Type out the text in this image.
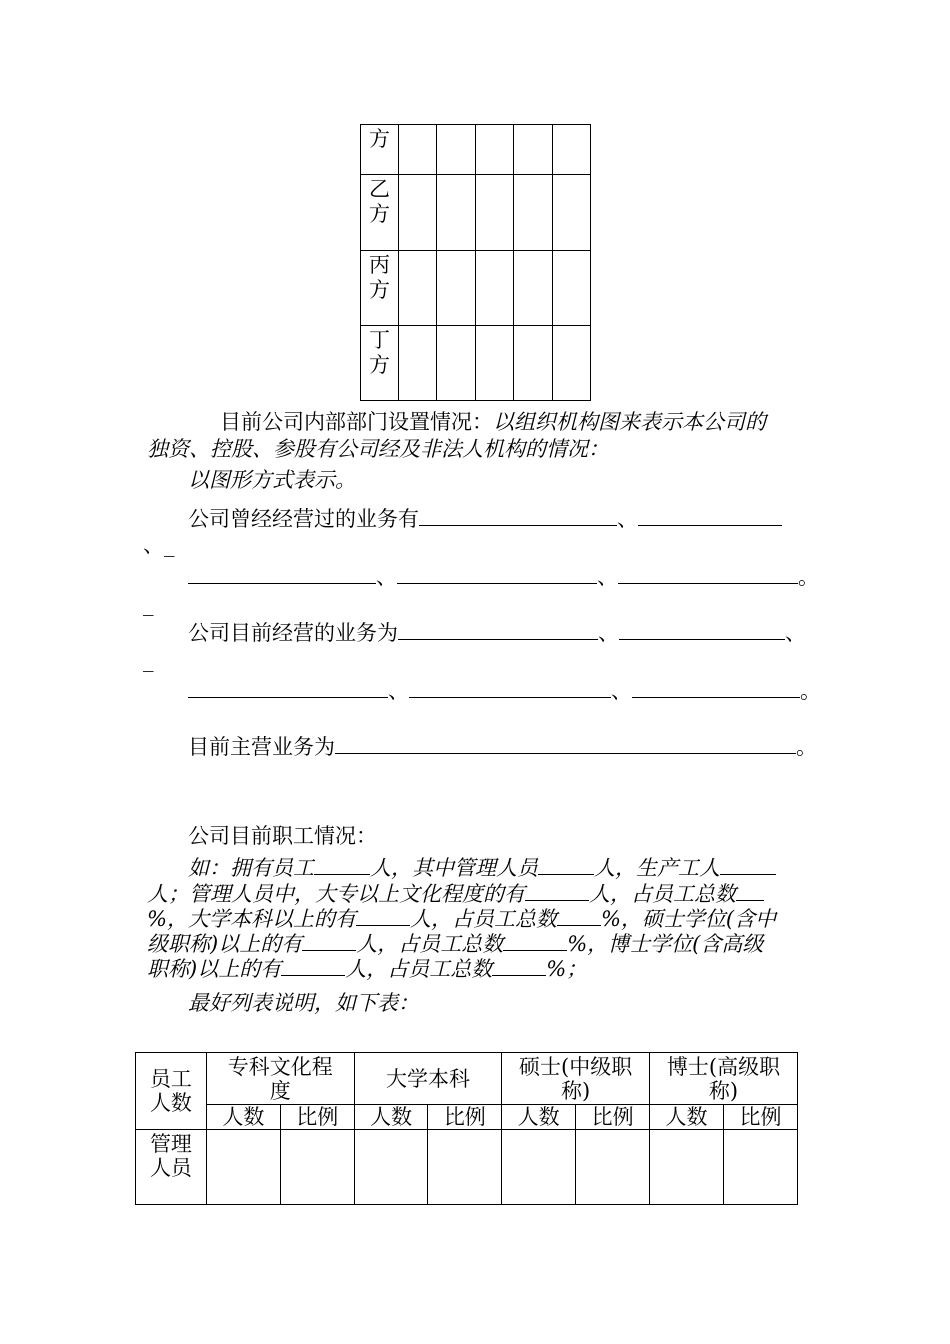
方					
乙方					
丙方					
丁方					
目前公司内部部门设置情况：以组织机构图来表示本公司的
独资、控股、参股有公司经及非法人机构的情况：
以图形方式表示。
公司曾经经营过的业务有	、
、_
、	、	。
_
公司目前经营的业务为	、	、
_
、	、	。
目前主营业务为	。
公司目前职工情况：
如：拥有员工	人，其中管理人员	人，生产工人
人；管理人员中，大专以上文化程度的有	人，占员工总数
%，大学本科以上的有	人，占员工总数 %，硕士学位(含中
级职称)以上的有	人，占员工总数	%，博士学位(含高级
职称)以上的有	人，占员工总数	%；
最好列表说明，如下表：
员工人数	专科文化程度		大学本科		硕士(中级职称)		博士(高级职称)	

	人数	比例	人数	比例	人数	比例	人数	比例

管理人员								
